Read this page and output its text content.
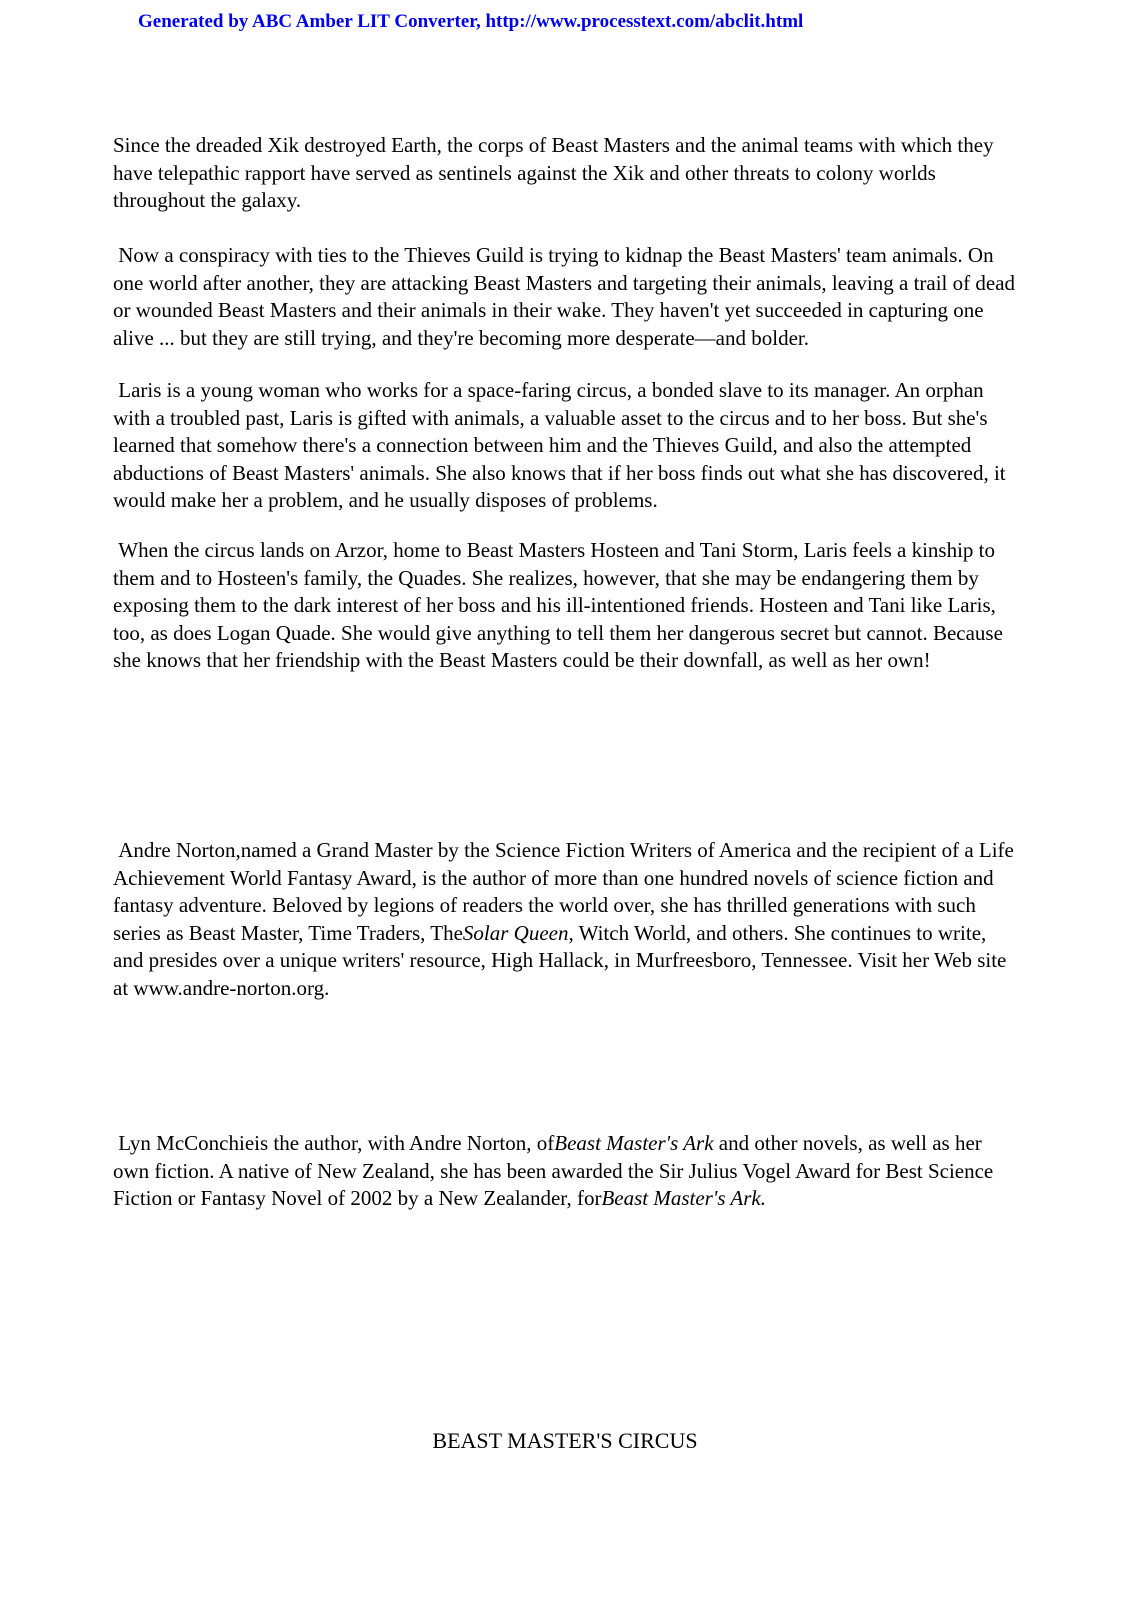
Generated by ABC Amber LIT Converter, http://www.processtext.com/abclit.html

Since the dreaded Xik destroyed Earth, the corps of Beast Masters and the animal teams with which they have telepathic rapport have served as sentinels against the Xik and other threats to colony worlds throughout the galaxy.

Now a conspiracy with ties to the Thieves Guild is trying to kidnap the Beast Masters' team animals. On one world after another, they are attacking Beast Masters and targeting their animals, leaving a trail of dead or wounded Beast Masters and their animals in their wake. They haven't yet succeeded in capturing one alive ... but they are still trying, and they're becoming more desperate—and bolder.

Laris is a young woman who works for a space-faring circus, a bonded slave to its manager. An orphan with a troubled past, Laris is gifted with animals, a valuable asset to the circus and to her boss. But she's learned that somehow there's a connection between him and the Thieves Guild, and also the attempted abductions of Beast Masters' animals. She also knows that if her boss finds out what she has discovered, it would make her a problem, and he usually disposes of problems.

When the circus lands on Arzor, home to Beast Masters Hosteen and Tani Storm, Laris feels a kinship to them and to Hosteen's family, the Quades. She realizes, however, that she may be endangering them by exposing them to the dark interest of her boss and his ill-intentioned friends. Hosteen and Tani like Laris, too, as does Logan Quade. She would give anything to tell them her dangerous secret but cannot. Because she knows that her friendship with the Beast Masters could be their downfall, as well as her own!

Andre Norton,named a Grand Master by the Science Fiction Writers of America and the recipient of a Life Achievement World Fantasy Award, is the author of more than one hundred novels of science fiction and fantasy adventure. Beloved by legions of readers the world over, she has thrilled generations with such series as Beast Master, Time Traders, TheSolar Queen, Witch World, and others. She continues to write, and presides over a unique writers' resource, High Hallack, in Murfreesboro, Tennessee. Visit her Web site at www.andre-norton.org.

Lyn McConchieis the author, with Andre Norton, ofBeast Master's Ark and other novels, as well as her own fiction. A native of New Zealand, she has been awarded the Sir Julius Vogel Award for Best Science Fiction or Fantasy Novel of 2002 by a New Zealander, forBeast Master's Ark.

BEAST MASTER'S CIRCUS
